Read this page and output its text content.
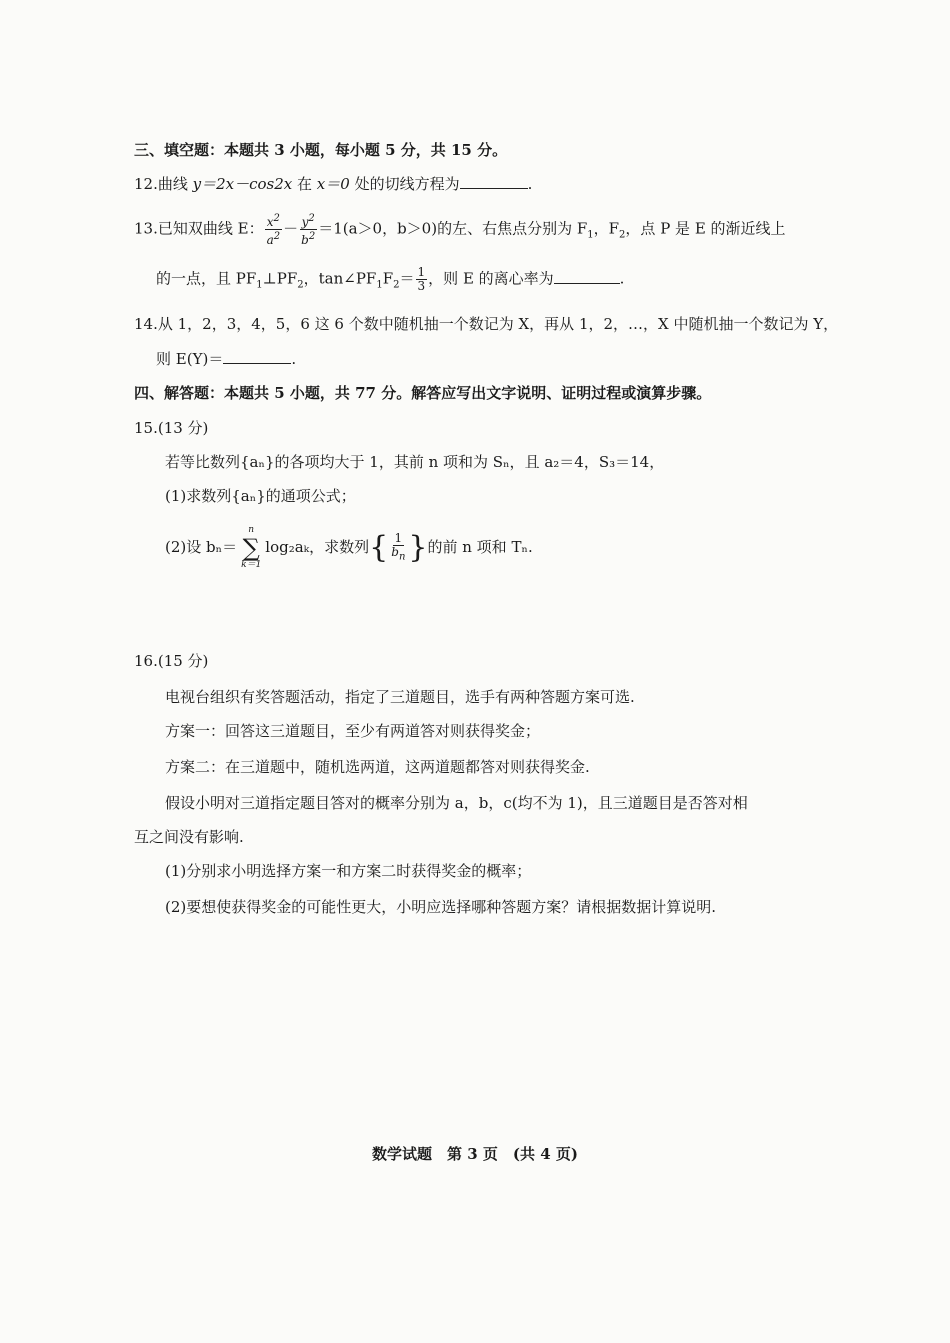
三、填空题：本题共 3 小题，每小题 5 分，共 15 分。
12.曲线 y＝2x－cos2x 在 x＝0 处的切线方程为	.
13.已知双曲线 E： $\frac{x^2}{a^2} - \frac{y^2}{b^2} =1(a>0$，b＞0)的左、右焦点分别为 $F_1$，$F_2$，点 P 是 E 的渐近线上
的一点，且 $PF_1\perp PF_2$，$\tan\angle PF_1F_2= \frac{1}{3}$ ，则 E 的离心率为	.
14.从 1，2，3，4，5，6 这 6 个数中随机抽一个数记为 X，再从 1，2，…，X 中随机抽一个数记为 Y，
则 E(Y)＝	.
四、解答题：本题共 5 小题，共 77 分。解答应写出文字说明、证明过程或演算步骤。
15.(13 分)
若等比数列{aₙ}的各项均大于 1，其前 n 项和为 Sₙ，且 a₂＝4，S₃＝14，
(1)求数列{aₙ}的通项公式；
(2)设 bₙ＝
n
∑
k＝1
log₂aₖ，求数列{ $\frac{1}{b_n}$ }的前 n 项和 Tₙ.
16.(15 分)
电视台组织有奖答题活动，指定了三道题目，选手有两种答题方案可选.
方案一：回答这三道题目，至少有两道答对则获得奖金；
方案二：在三道题中，随机选两道，这两道题都答对则获得奖金.
假设小明对三道指定题目答对的概率分别为 a，b，c(均不为 1)，且三道题目是否答对相
互之间没有影响.
(1)分别求小明选择方案一和方案二时获得奖金的概率；
(2)要想使获得奖金的可能性更大，小明应选择哪种答题方案？请根据数据计算说明.
数学试题　第 3 页　(共 4 页)
